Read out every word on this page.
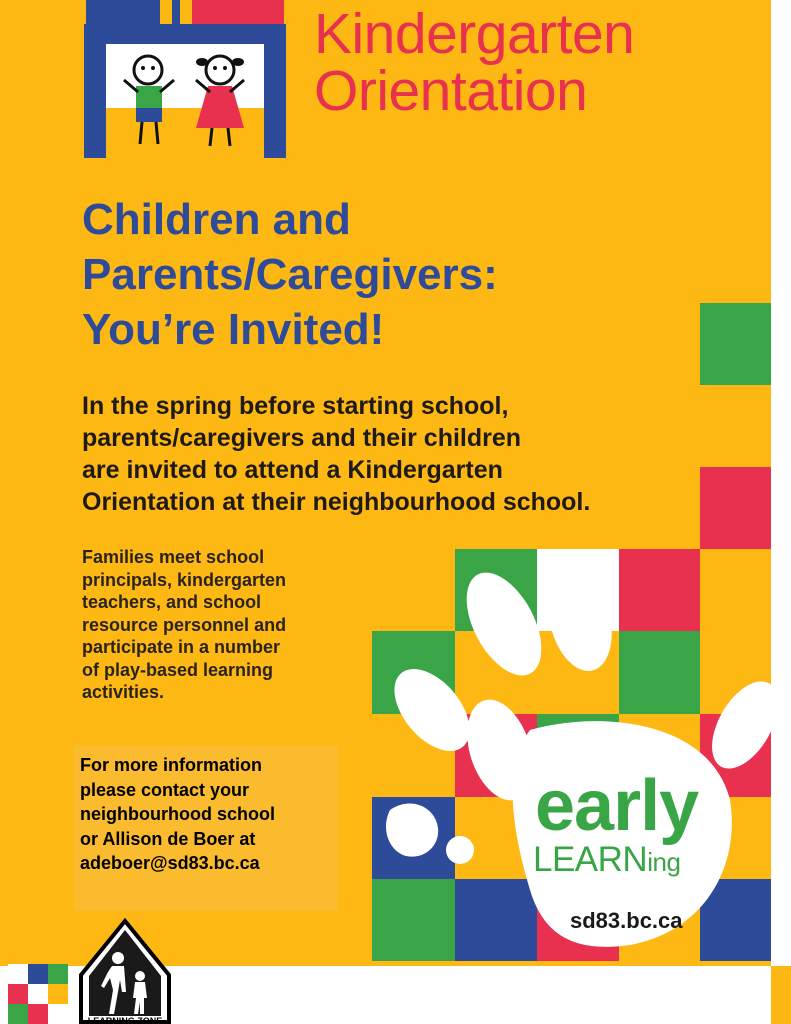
Kindergarten
Orientation
Children and
Parents/Caregivers:
You’re Invited!

In the spring before starting school,
parents/caregivers and their children
are invited to attend a Kindergarten
Orientation at their neighbourhood school.

Families meet school
principals, kindergarten
teachers, and school
resource personnel and
participate in a number
of play-based learning
activities.

For more information
please contact your
neighbourhood school
or Allison de Boer at
adeboer@sd83.bc.ca

early
LEARNing
sd83.bc.ca
LEARNING ZONE
